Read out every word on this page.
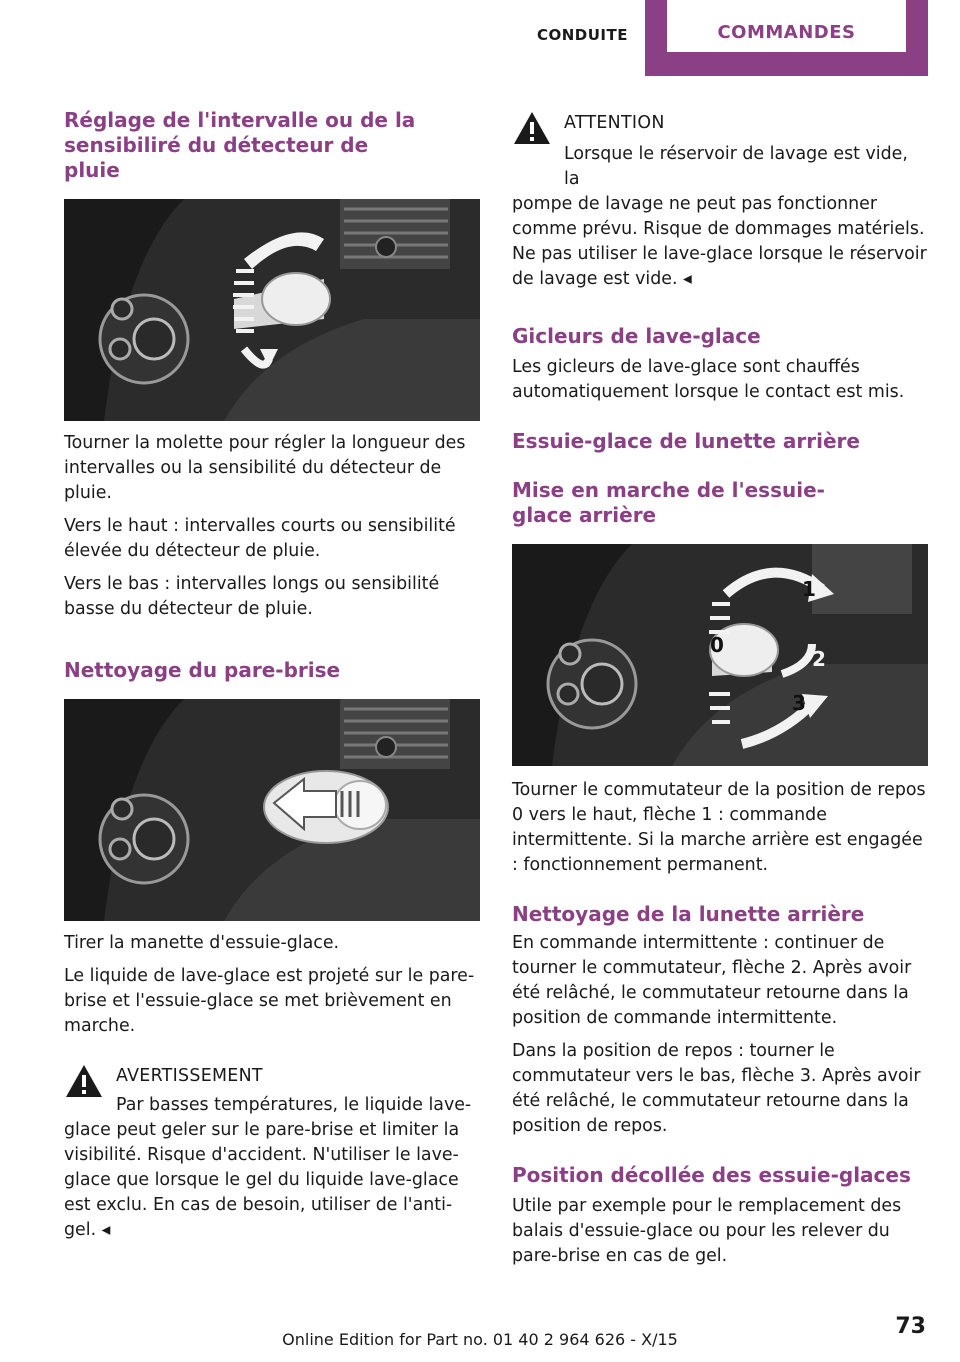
CONDUITE	COMMANDES
Réglage de l'intervalle ou de la sensibiliré du détecteur de pluie

Tourner la molette pour régler la longueur des intervalles ou la sensibilité du détecteur de pluie.

Vers le haut : intervalles courts ou sensibilité élevée du détecteur de pluie.

Vers le bas : intervalles longs ou sensibilité basse du détecteur de pluie.

Nettoyage du pare-brise

Tirer la manette d'essuie-glace.

Le liquide de lave-glace est projeté sur le pare-brise et l'essuie-glace se met brièvement en marche.

AVERTISSEMENT

Par basses températures, le liquide lave-

glace peut geler sur le pare-brise et limiter la visibilité. Risque d'accident. N'utiliser le lave-glace que lorsque le gel du liquide lave-glace est exclu. En cas de besoin, utiliser de l'anti-gel. ◂

ATTENTION

Lorsque le réservoir de lavage est vide, la

pompe de lavage ne peut pas fonctionner comme prévu. Risque de dommages matériels. Ne pas utiliser le lave-glace lorsque le réservoir de lavage est vide. ◂

Gicleurs de lave-glace

Les gicleurs de lave-glace sont chauffés automatiquement lorsque le contact est mis.

Essuie-glace de lunette arrière
Mise en marche de l'essuie-glace arrière
0
1
2
3

Tourner le commutateur de la position de repos 0 vers le haut, flèche 1 : commande intermittente. Si la marche arrière est engagée : fonctionnement permanent.

Nettoyage de la lunette arrière

En commande intermittente : continuer de tourner le commutateur, flèche 2. Après avoir été relâché, le commutateur retourne dans la position de commande intermittente.

Dans la position de repos : tourner le commutateur vers le bas, flèche 3. Après avoir été relâché, le commutateur retourne dans la position de repos.

Position décollée des essuie-glaces

Utile par exemple pour le remplacement des balais d'essuie-glace ou pour les relever du pare-brise en cas de gel.

73
Online Edition for Part no. 01 40 2 964 626 - X/15
